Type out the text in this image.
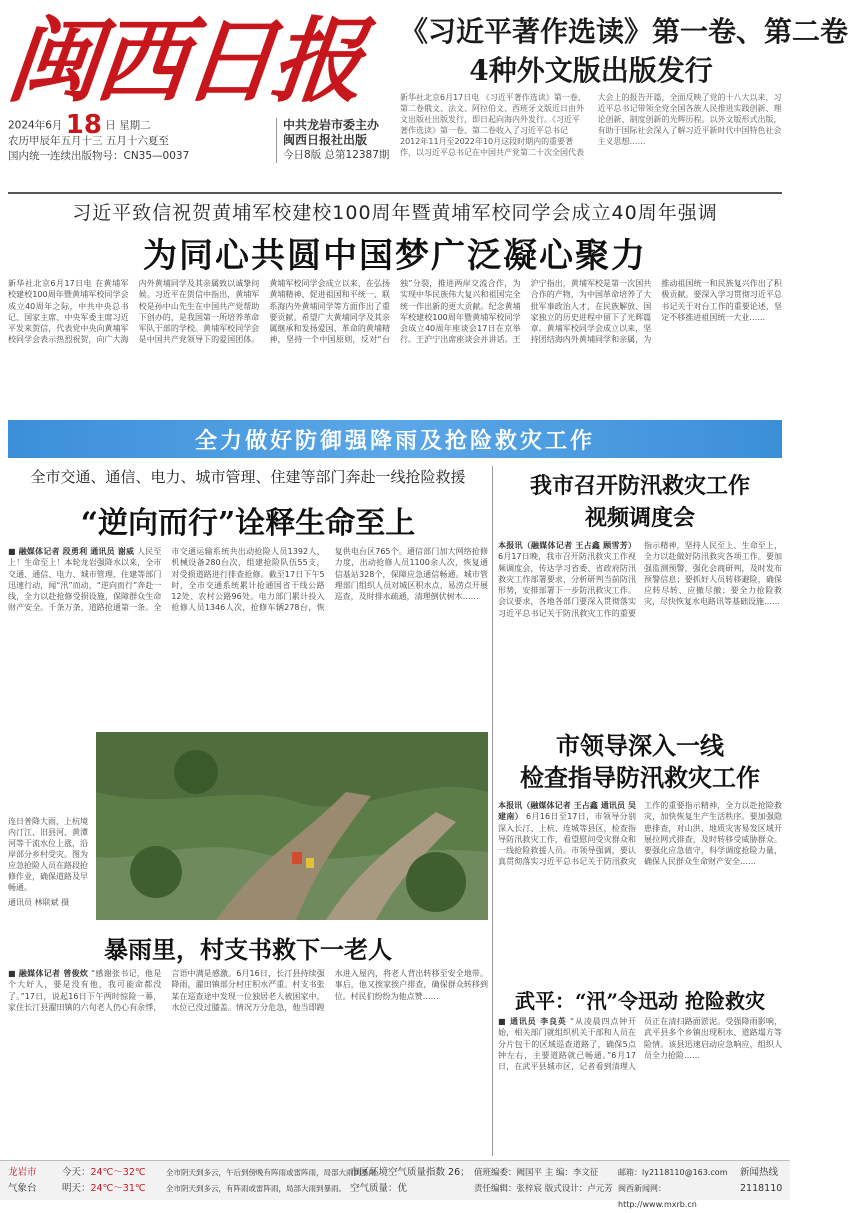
闽西日报	《习近平著作选读》第一卷、第二卷
4种外文版出版发行
新华社北京6月17日电 《习近平著作选读》第一卷、第二卷俄文、法文、阿拉伯文、西班牙文版近日由外文出版社出版发行，即日起向海内外发行。《习近平著作选读》第一卷、第二卷收入了习近平总书记2012年11月至2022年10月这段时期内的重要著作，以习近平总书记在中国共产党第二十次全国代表大会上的报告开篇，全面反映了党的十八大以来，习近平总书记带领全党全国各族人民推进实践创新、理论创新、制度创新的光辉历程。以外文版形式出版，有助于国际社会深入了解习近平新时代中国特色社会主义思想……
2024年6月 18 日 星期二
农历甲辰年五月十三 五月十六夏至
国内统一连续出版物号：CN35—0037
中共龙岩市委主办
闽西日报社出版
今日8版 总第12387期
习近平致信祝贺黄埔军校建校100周年暨黄埔军校同学会成立40周年强调
为同心共圆中国梦广泛凝心聚力
新华社北京6月17日电 在黄埔军校建校100周年暨黄埔军校同学会成立40周年之际，中共中央总书记、国家主席、中央军委主席习近平发来贺信，代表党中央向黄埔军校同学会表示热烈祝贺，向广大海内外黄埔同学及其亲属致以诚挚问候。习近平在贺信中指出，黄埔军校是孙中山先生在中国共产党帮助下创办的，是我国第一所培养革命军队干部的学校。黄埔军校同学会是中国共产党领导下的爱国团体。黄埔军校同学会成立以来，在弘扬黄埔精神、促进祖国和平统一、联系海内外黄埔同学等方面作出了重要贡献。希望广大黄埔同学及其亲属继承和发扬爱国、革命的黄埔精神，坚持一个中国原则，反对“台独”分裂，推进两岸交流合作，为实现中华民族伟大复兴和祖国完全统一作出新的更大贡献。纪念黄埔军校建校100周年暨黄埔军校同学会成立40周年座谈会17日在京举行。王沪宁出席座谈会并讲话。王沪宁指出，黄埔军校是第一次国共合作的产物，为中国革命培养了大批军事政治人才，在民族解放、国家独立的历史进程中留下了光辉篇章。黄埔军校同学会成立以来，坚持团结海内外黄埔同学和亲属，为推动祖国统一和民族复兴作出了积极贡献。要深入学习贯彻习近平总书记关于对台工作的重要论述，坚定不移推进祖国统一大业……
全力做好防御强降雨及抢险救灾工作
全市交通、通信、电力、城市管理、住建等部门奔赴一线抢险救援
“逆向而行”诠释生命至上
■ 融媒体记者 段勇利 通讯员 谢威 人民至上！生命至上！本轮龙岩强降水以来，全市交通、通信、电力、城市管理、住建等部门迅速行动，闻“汛”而动，“逆向而行”奔赴一线，全力以赴抢修受损设施，保障群众生命财产安全。千条万条，道路抢通第一条。全市交通运输系统共出动抢险人员1392人，机械设备280台次，组建抢险队伍55支，对受损道路进行排查抢修。截至17日下午5时，全市交通系统累计抢通国省干线公路12处、农村公路96处。电力部门累计投入抢修人员1346人次，抢修车辆278台，恢复供电台区765个。通信部门加大网络抢修力度，出动抢修人员1100余人次，恢复通信基站328个，保障应急通信畅通。城市管理部门组织人员对城区积水点、易涝点开展巡查，及时排水疏通，清理倒伏树木……
连日普降大雨，上杭境内汀江、旧县河、黄潭河等干流水位上涨，沿岸部分乡村受灾。图为应急抢险人员在路段抢修作业，确保道路及早畅通。
通讯员 林联斌 摄
暴雨里，村支书救下一老人
■ 融媒体记者 曾俊炊 “感谢张书记，他是个大好人，要是没有他，我可能命都没了。”17日，说起16日下午两时惊险一幕，家住长汀县濯田镇的六旬老人仍心有余悸，言语中满是感激。6月16日，长汀县持续强降雨，濯田镇部分村庄积水严重。村支书张某在巡查途中发现一位独居老人被困家中，水位已没过膝盖。情况万分危急，他当即蹚水进入屋内，将老人背出转移至安全地带。事后，他又挨家挨户排查，确保群众转移到位。村民们纷纷为他点赞……
我市召开防汛救灾工作
视频调度会
本报讯（融媒体记者 王占鑫 顾雪芳） 6月17日晚，我市召开防汛救灾工作视频调度会，传达学习省委、省政府防汛救灾工作部署要求，分析研判当前防汛形势，安排部署下一步防汛救灾工作。会议要求，各地各部门要深入贯彻落实习近平总书记关于防汛救灾工作的重要指示精神，坚持人民至上、生命至上，全力以赴做好防汛救灾各项工作。要加强监测预警，强化会商研判，及时发布预警信息；要抓好人员转移避险，确保应转尽转、应撤尽撤；要全力抢险救灾，尽快恢复水电路讯等基础设施……
市领导深入一线
检查指导防汛救灾工作
本报讯（融媒体记者 王占鑫 通讯员 吴建南） 6月16日至17日，市领导分别深入长汀、上杭、连城等县区，检查指导防汛救灾工作，看望慰问受灾群众和一线抢险救援人员。市领导强调，要认真贯彻落实习近平总书记关于防汛救灾工作的重要指示精神，全力以赴抢险救灾，加快恢复生产生活秩序。要加强隐患排查，对山洪、地质灾害易发区域开展拉网式排查，及时转移受威胁群众。要强化应急值守，科学调度抢险力量，确保人民群众生命财产安全……
武平：“汛”令迅动 抢险救灾
■ 通讯员 李良英 “从凌晨四点钟开始，相关部门就组织机关干部和人员在分片包干的区域巡查道路了，确保5点钟左右，主要道路就已畅通。”6月17日，在武平县城市区，记者看到清理人员正在清扫路面淤泥。受强降雨影响，武平县多个乡镇出现积水、道路塌方等险情。该县迅速启动应急响应，组织人员全力抢险……
龙岩市
气象台
今天：24℃～32℃
明天：24℃～31℃
全市阴天到多云，午后到傍晚有阵雨或雷阵雨，局部大雨到暴雨。
全市阴天到多云，有阵雨或雷阵雨，局部大雨到暴雨。
市区环境空气质量指数 26；
空气质量：优
值班编委：阙国平 主 编：李文征
责任编辑：张梓宸 版式设计：卢元芳
邮箱：ly2118110@163.com
闽西新闻网：http://www.mxrb.cn
新闻热线
2118110
